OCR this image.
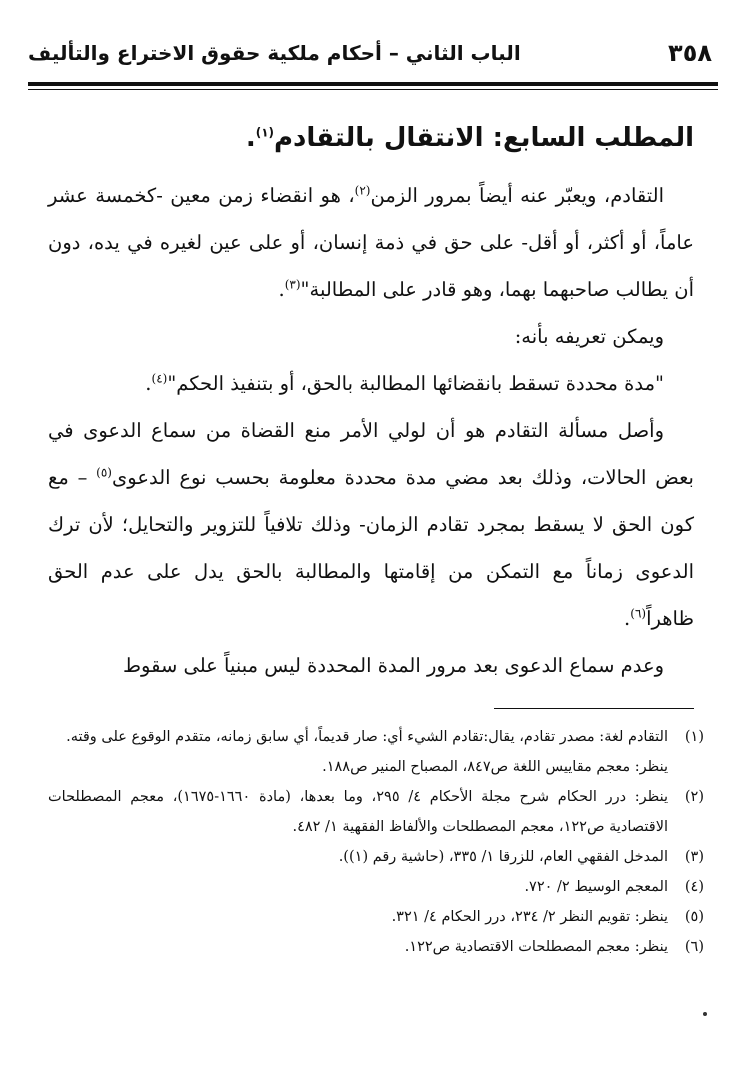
٣٥٨
الباب الثاني – أحكام ملكية حقوق الاختراع والتأليف
المطلب السابع: الانتقال بالتقادم$^{(١)}$.

التقادم، ويعبّر عنه أيضاً بمرور الزمن$^{(٢)}$، هو انقضاء زمن معين -كخمسة عشر عاماً، أو أكثر، أو أقل- على حق في ذمة إنسان، أو على عين لغيره في يده، دون أن يطالب صاحبهما بهما، وهو قادر على المطالبة"$^{(٣)}$.

ويمكن تعريفه بأنه:

"مدة محددة تسقط بانقضائها المطالبة بالحق، أو بتنفيذ الحكم"$^{(٤)}$.

وأصل مسألة التقادم هو أن لولي الأمر منع القضاة من سماع الدعوى في بعض الحالات، وذلك بعد مضي مدة محددة معلومة بحسب نوع الدعوى$^{(٥)}$ – مع كون الحق لا يسقط بمجرد تقادم الزمان- وذلك تلافياً للتزوير والتحايل؛ لأن ترك الدعوى زماناً مع التمكن من إقامتها والمطالبة بالحق يدل على عدم الحق ظاهراً$^{(٦)}$.

وعدم سماع الدعوى بعد مرور المدة المحددة ليس مبنياً على سقوط

(١)
التقادم لغة: مصدر تقادم، يقال:تقادم الشيء أي: صار قديماً، أي سابق زمانه، متقدم الوقوع على وقته.
ينظر: معجم مقاييس اللغة ص٨٤٧، المصباح المنير ص١٨٨.
(٢)
ينظر: درر الحكام شرح مجلة الأحكام ٤/ ٢٩٥، وما بعدها، (مادة ١٦٦٠-١٦٧٥)، معجم المصطلحات الاقتصادية ص١٢٢، معجم المصطلحات والألفاظ الفقهية ١/ ٤٨٢.
(٣)
المدخل الفقهي العام، للزرقا ١/ ٣٣٥، (حاشية رقم (١)).
(٤)
المعجم الوسيط ٢/ ٧٢٠.
(٥)
ينظر: تقويم النظر ٢/ ٢٣٤، درر الحكام ٤/ ٣٢١.
(٦)
ينظر: معجم المصطلحات الاقتصادية ص١٢٢.
